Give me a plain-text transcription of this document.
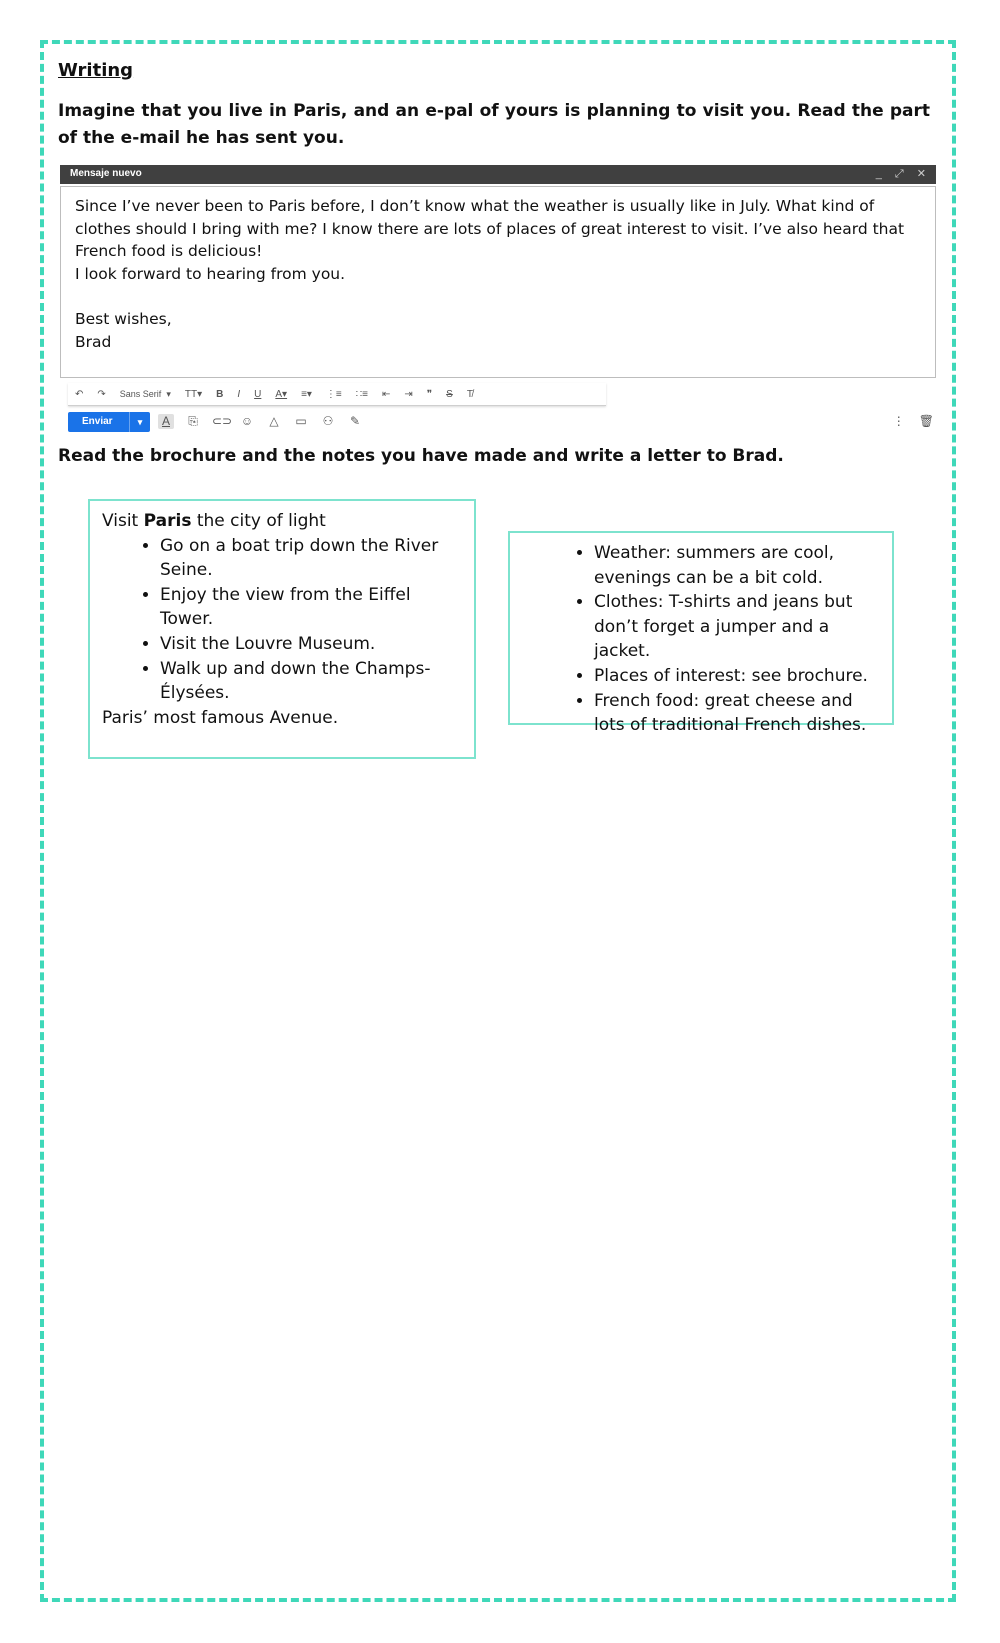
Writing

Imagine that you live in Paris, and an e-pal of yours is planning to visit you. Read the part of the e-mail he has sent you.

Mensaje nuevo	_ ⤢ ✕

Since I’ve never been to Paris before, I don’t know what the weather is usually like in July. What kind of clothes should I bring with me? I know there are lots of places of great interest to visit. I’ve also heard that French food is delicious!

I look forward to hearing from you.

Best wishes,

Brad

↶	↷	Sans Serif
▾	TT▾	B	I	U	A▾	≡▾	⋮≡	∷≡	⇤	⇥	❞	S	T̸
Enviar	▾	A	⎘ ⊂⊃ ☺ △ ▭ ⚇ ✎	⋮ 🗑

Read the brochure and the notes you have made and write a letter to Brad.

Visit Paris the city of light

• Go on a boat trip down the River Seine.
• Enjoy the view from the Eiffel Tower.
• Visit the Louvre Museum.
• Walk up and down the Champs-Élysées.

Paris’ most famous Avenue.

• Weather: summers are cool, evenings can be a bit cold.
• Clothes: T-shirts and jeans but don’t forget a jumper and a jacket.
• Places of interest: see brochure.
• French food: great cheese and lots of traditional French dishes.
